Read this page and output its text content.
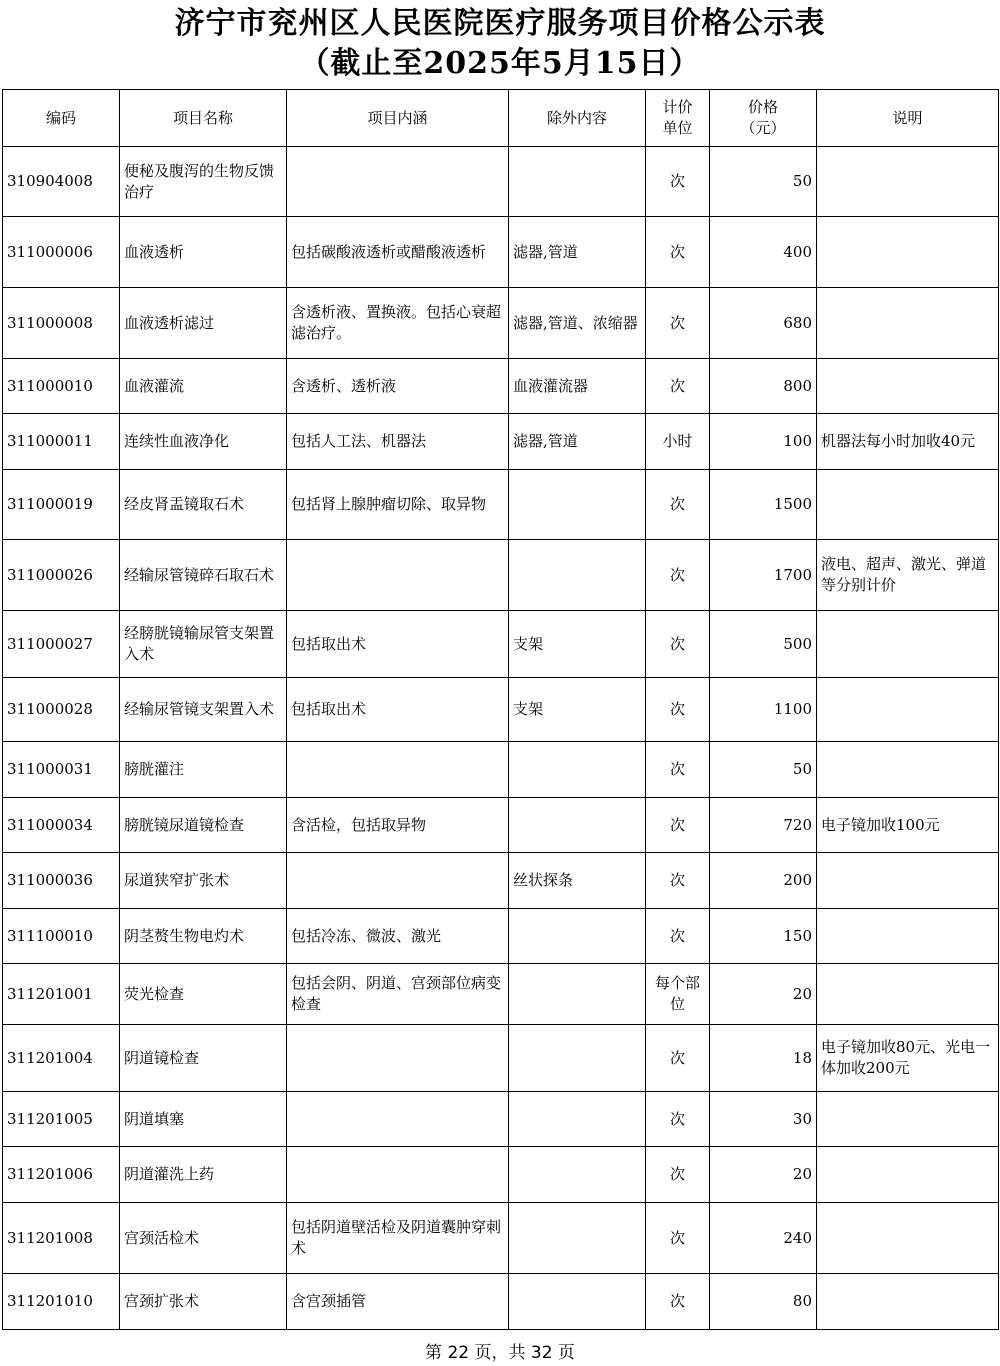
济宁市兖州区人民医院医疗服务项目价格公示表
（截止至2025年5月15日）
编码	项目名称	项目内涵	除外内容	计价单位	价格（元）	说明
310904008	便秘及腹泻的生物反馈治疗			次	50	
311000006	血液透析	包括碳酸液透析或醋酸液透析	滤器,管道	次	400	
311000008	血液透析滤过	含透析液、置换液。包括心衰超滤治疗。	滤器,管道、浓缩器	次	680	
311000010	血液灌流	含透析、透析液	血液灌流器	次	800	
311000011	连续性血液净化	包括人工法、机器法	滤器,管道	小时	100	机器法每小时加收40元
311000019	经皮肾盂镜取石术	包括肾上腺肿瘤切除、取异物		次	1500	
311000026	经输尿管镜碎石取石术			次	1700	液电、超声、激光、弹道等分别计价
311000027	经膀胱镜输尿管支架置入术	包括取出术	支架	次	500	
311000028	经输尿管镜支架置入术	包括取出术	支架	次	1100	
311000031	膀胱灌注			次	50	
311000034	膀胱镜尿道镜检查	含活检，包括取异物		次	720	电子镜加收100元
311000036	尿道狭窄扩张术		丝状探条	次	200	
311100010	阴茎赘生物电灼术	包括冷冻、微波、激光		次	150	
311201001	荧光检查	包括会阴、阴道、宫颈部位病变检查		每个部位	20	
311201004	阴道镜检查			次	18	电子镜加收80元、光电一体加收200元
311201005	阴道填塞			次	30	
311201006	阴道灌洗上药			次	20	
311201008	宫颈活检术	包括阴道壁活检及阴道囊肿穿刺术		次	240	
311201010	宫颈扩张术	含宫颈插管		次	80	
第 22 页，共 32 页
